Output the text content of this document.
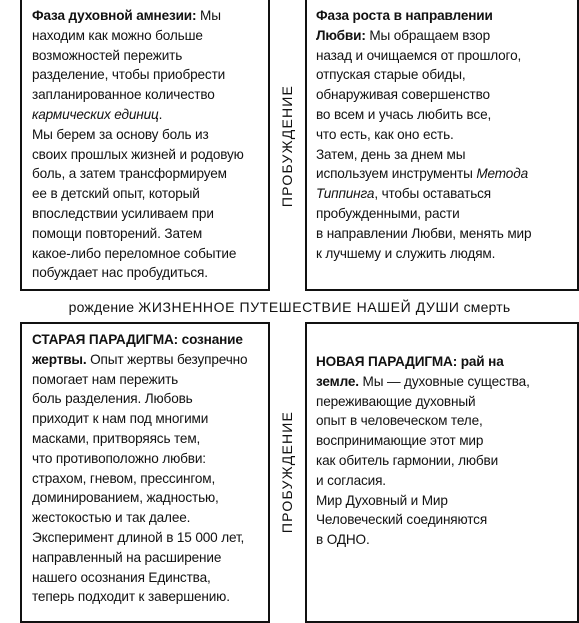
Фаза духовной амнезии: Мы
находим как можно больше
возможностей пережить
разделение, чтобы приобрести
запланированное количество
кармических единиц.
Мы берем за основу боль из
своих прошлых жизней и родовую
боль, а затем трансформируем
ее в детский опыт, который
впоследствии усиливаем при
помощи повторений. Затем
какое-либо переломное событие
побуждает нас пробудиться.

ПРОБУЖДЕНИЕ

Фаза роста в направлении
Любви: Мы обращаем взор
назад и очищаемся от прошлого,
отпуская старые обиды,
обнаруживая совершенство
во всем и учась любить все,
что есть, как оно есть.
Затем, день за днем мы
используем инструменты Метода
Типпинга, чтобы оставаться
пробужденными, расти
в направлении Любви, менять мир
к лучшему и служить людям.

рождение ЖИЗНЕННОЕ ПУТЕШЕСТВИЕ НАШЕЙ ДУШИ смерть

СТАРАЯ ПАРАДИГМА: сознание
жертвы. Опыт жертвы безупречно
помогает нам пережить
боль разделения. Любовь
приходит к нам под многими
масками, притворяясь тем,
что противоположно любви:
страхом, гневом, прессингом,
доминированием, жадностью,
жестокостью и так далее.
Эксперимент длиной в 15 000 лет,
направленный на расширение
нашего осознания Единства,
теперь подходит к завершению.

ПРОБУЖДЕНИЕ

НОВАЯ ПАРАДИГМА: рай на
земле. Мы — духовные существа,
переживающие духовный
опыт в человеческом теле,
воспринимающие этот мир
как обитель гармонии, любви
и согласия.
Мир Духовный и Мир
Человеческий соединяются
в ОДНО.
